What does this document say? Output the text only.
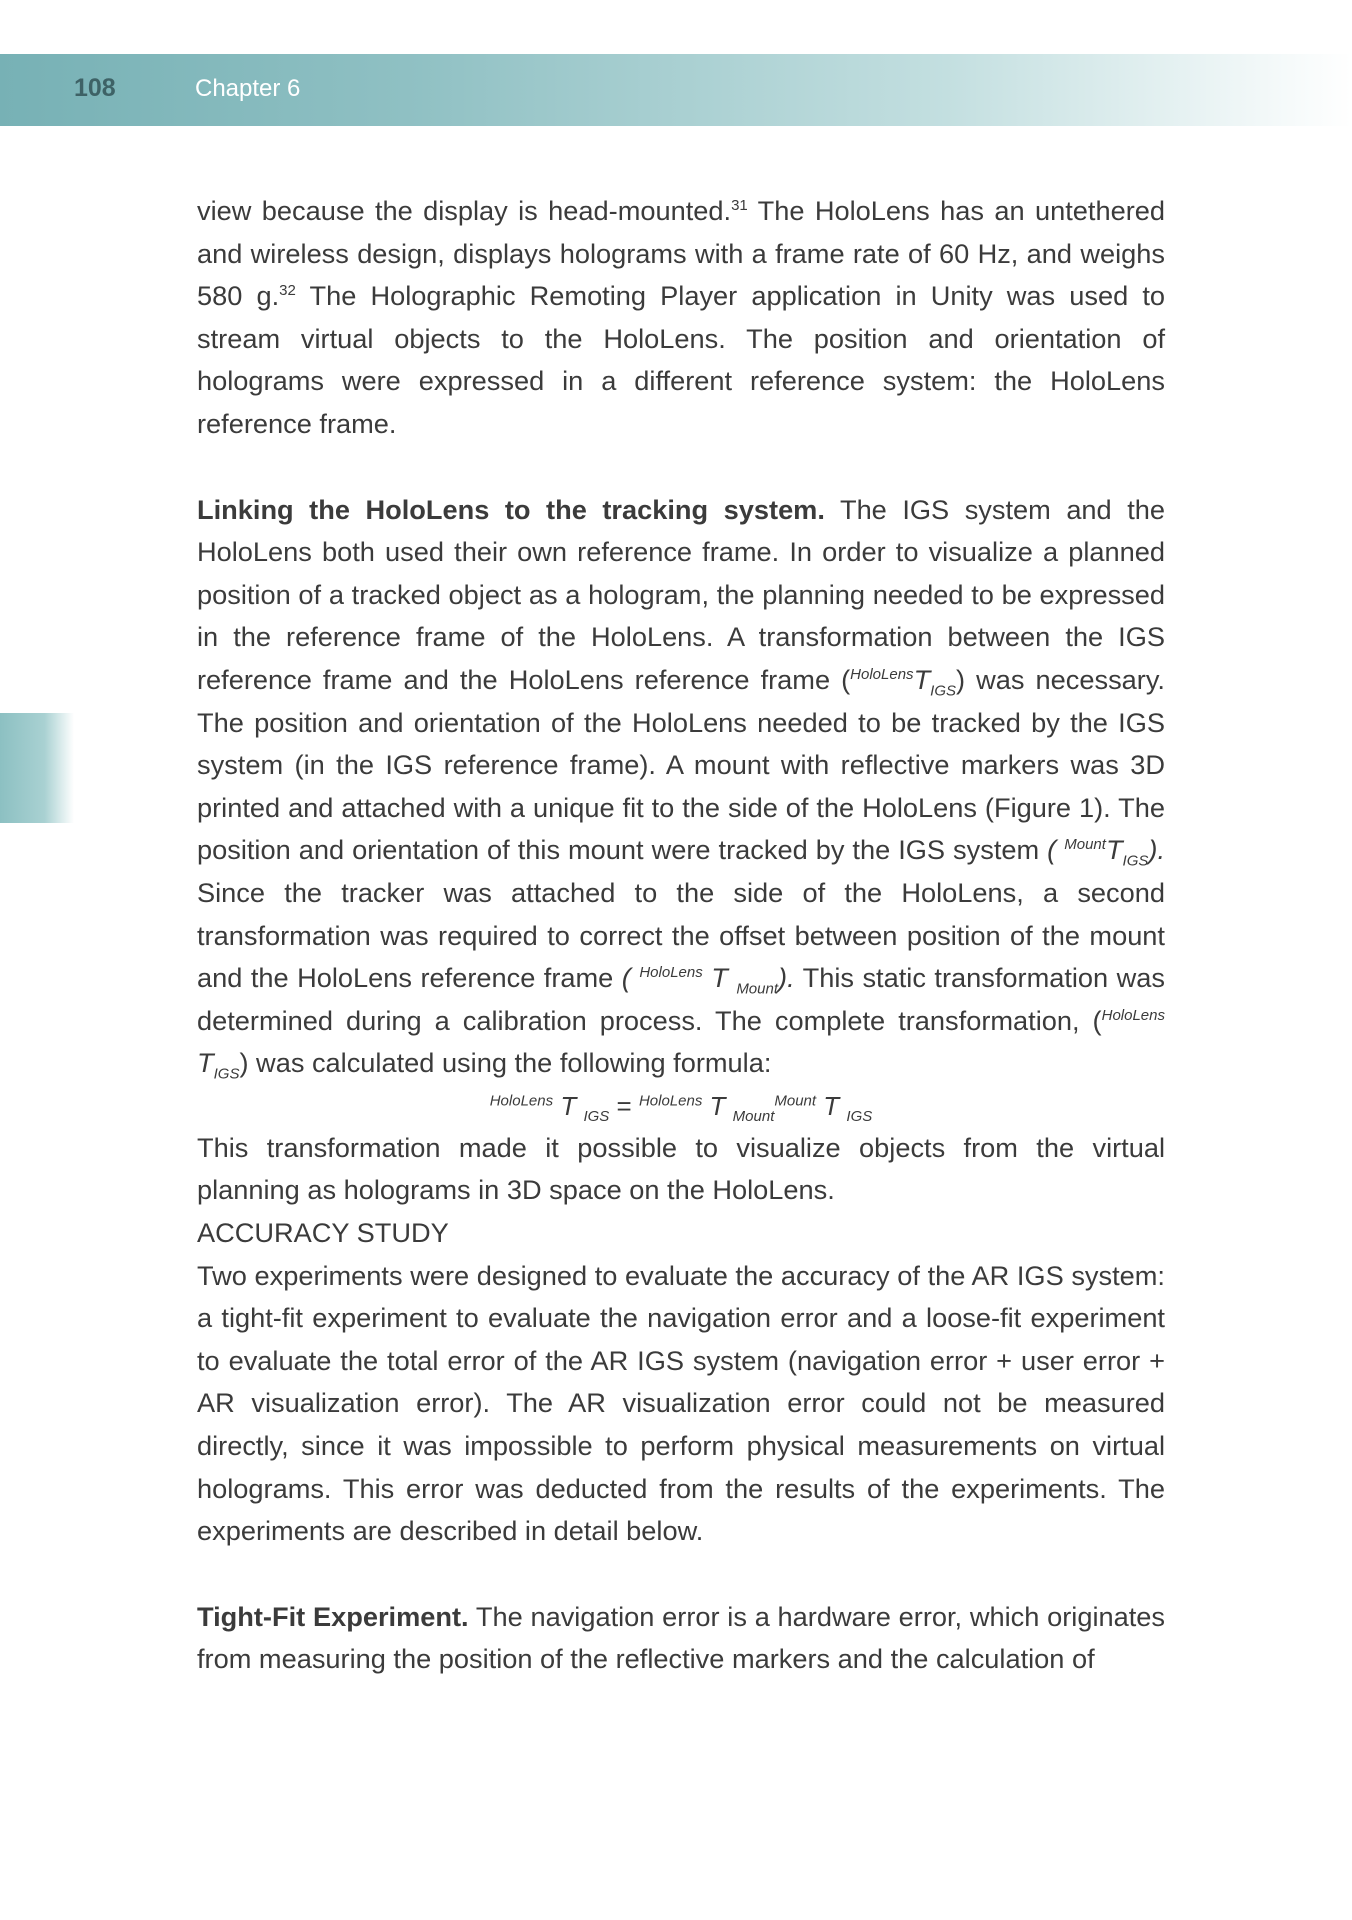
108	Chapter 6

view because the display is head-mounted.$^{31}$ The HoloLens has an untethered and wireless design, displays holograms with a frame rate of 60 Hz, and weighs 580 g.$^{32}$ The Holographic Remoting Player application in Unity was used to stream virtual objects to the HoloLens. The position and orientation of holograms were expressed in a different reference system: the HoloLens reference frame.

Linking the HoloLens to the tracking system. The IGS system and the HoloLens both used their own reference frame. In order to visualize a planned position of a tracked object as a hologram, the planning needed to be expressed in the reference frame of the HoloLens. A transformation between the IGS reference frame and the HoloLens reference frame $(^{HoloLens}T_{IGS})$ was necessary. The position and orientation of the HoloLens needed to be tracked by the IGS system (in the IGS reference frame). A mount with reflective markers was 3D printed and attached with a unique fit to the side of the HoloLens (Figure 1). The position and orientation of this mount were tracked by the IGS system ( $^{Mount}T_{IGS}$). Since the tracker was attached to the side of the HoloLens, a second transformation was required to correct the offset between position of the mount and the HoloLens reference frame ( $^{HoloLens}$ T $_{Mount}$). This static transformation was determined during a calibration process. The complete transformation, ($^{HoloLens}$ $T_{IGS}$) was calculated using the following formula:

$^{HoloLens}$ T $_{IGS}$ = $^{HoloLens}$ T $_{Mount}^{Mount}$ T $_{IGS}$

This transformation made it possible to visualize objects from the virtual planning as holograms in 3D space on the HoloLens.

ACCURACY STUDY

Two experiments were designed to evaluate the accuracy of the AR IGS system: a tight-fit experiment to evaluate the navigation error and a loose-fit experiment to evaluate the total error of the AR IGS system (navigation error + user error + AR visualization error). The AR visualization error could not be measured directly, since it was impossible to perform physical measurements on virtual holograms. This error was deducted from the results of the experiments. The experiments are described in detail below.

Tight-Fit Experiment. The navigation error is a hardware error, which originates from measuring the position of the reflective markers and the calculation of
